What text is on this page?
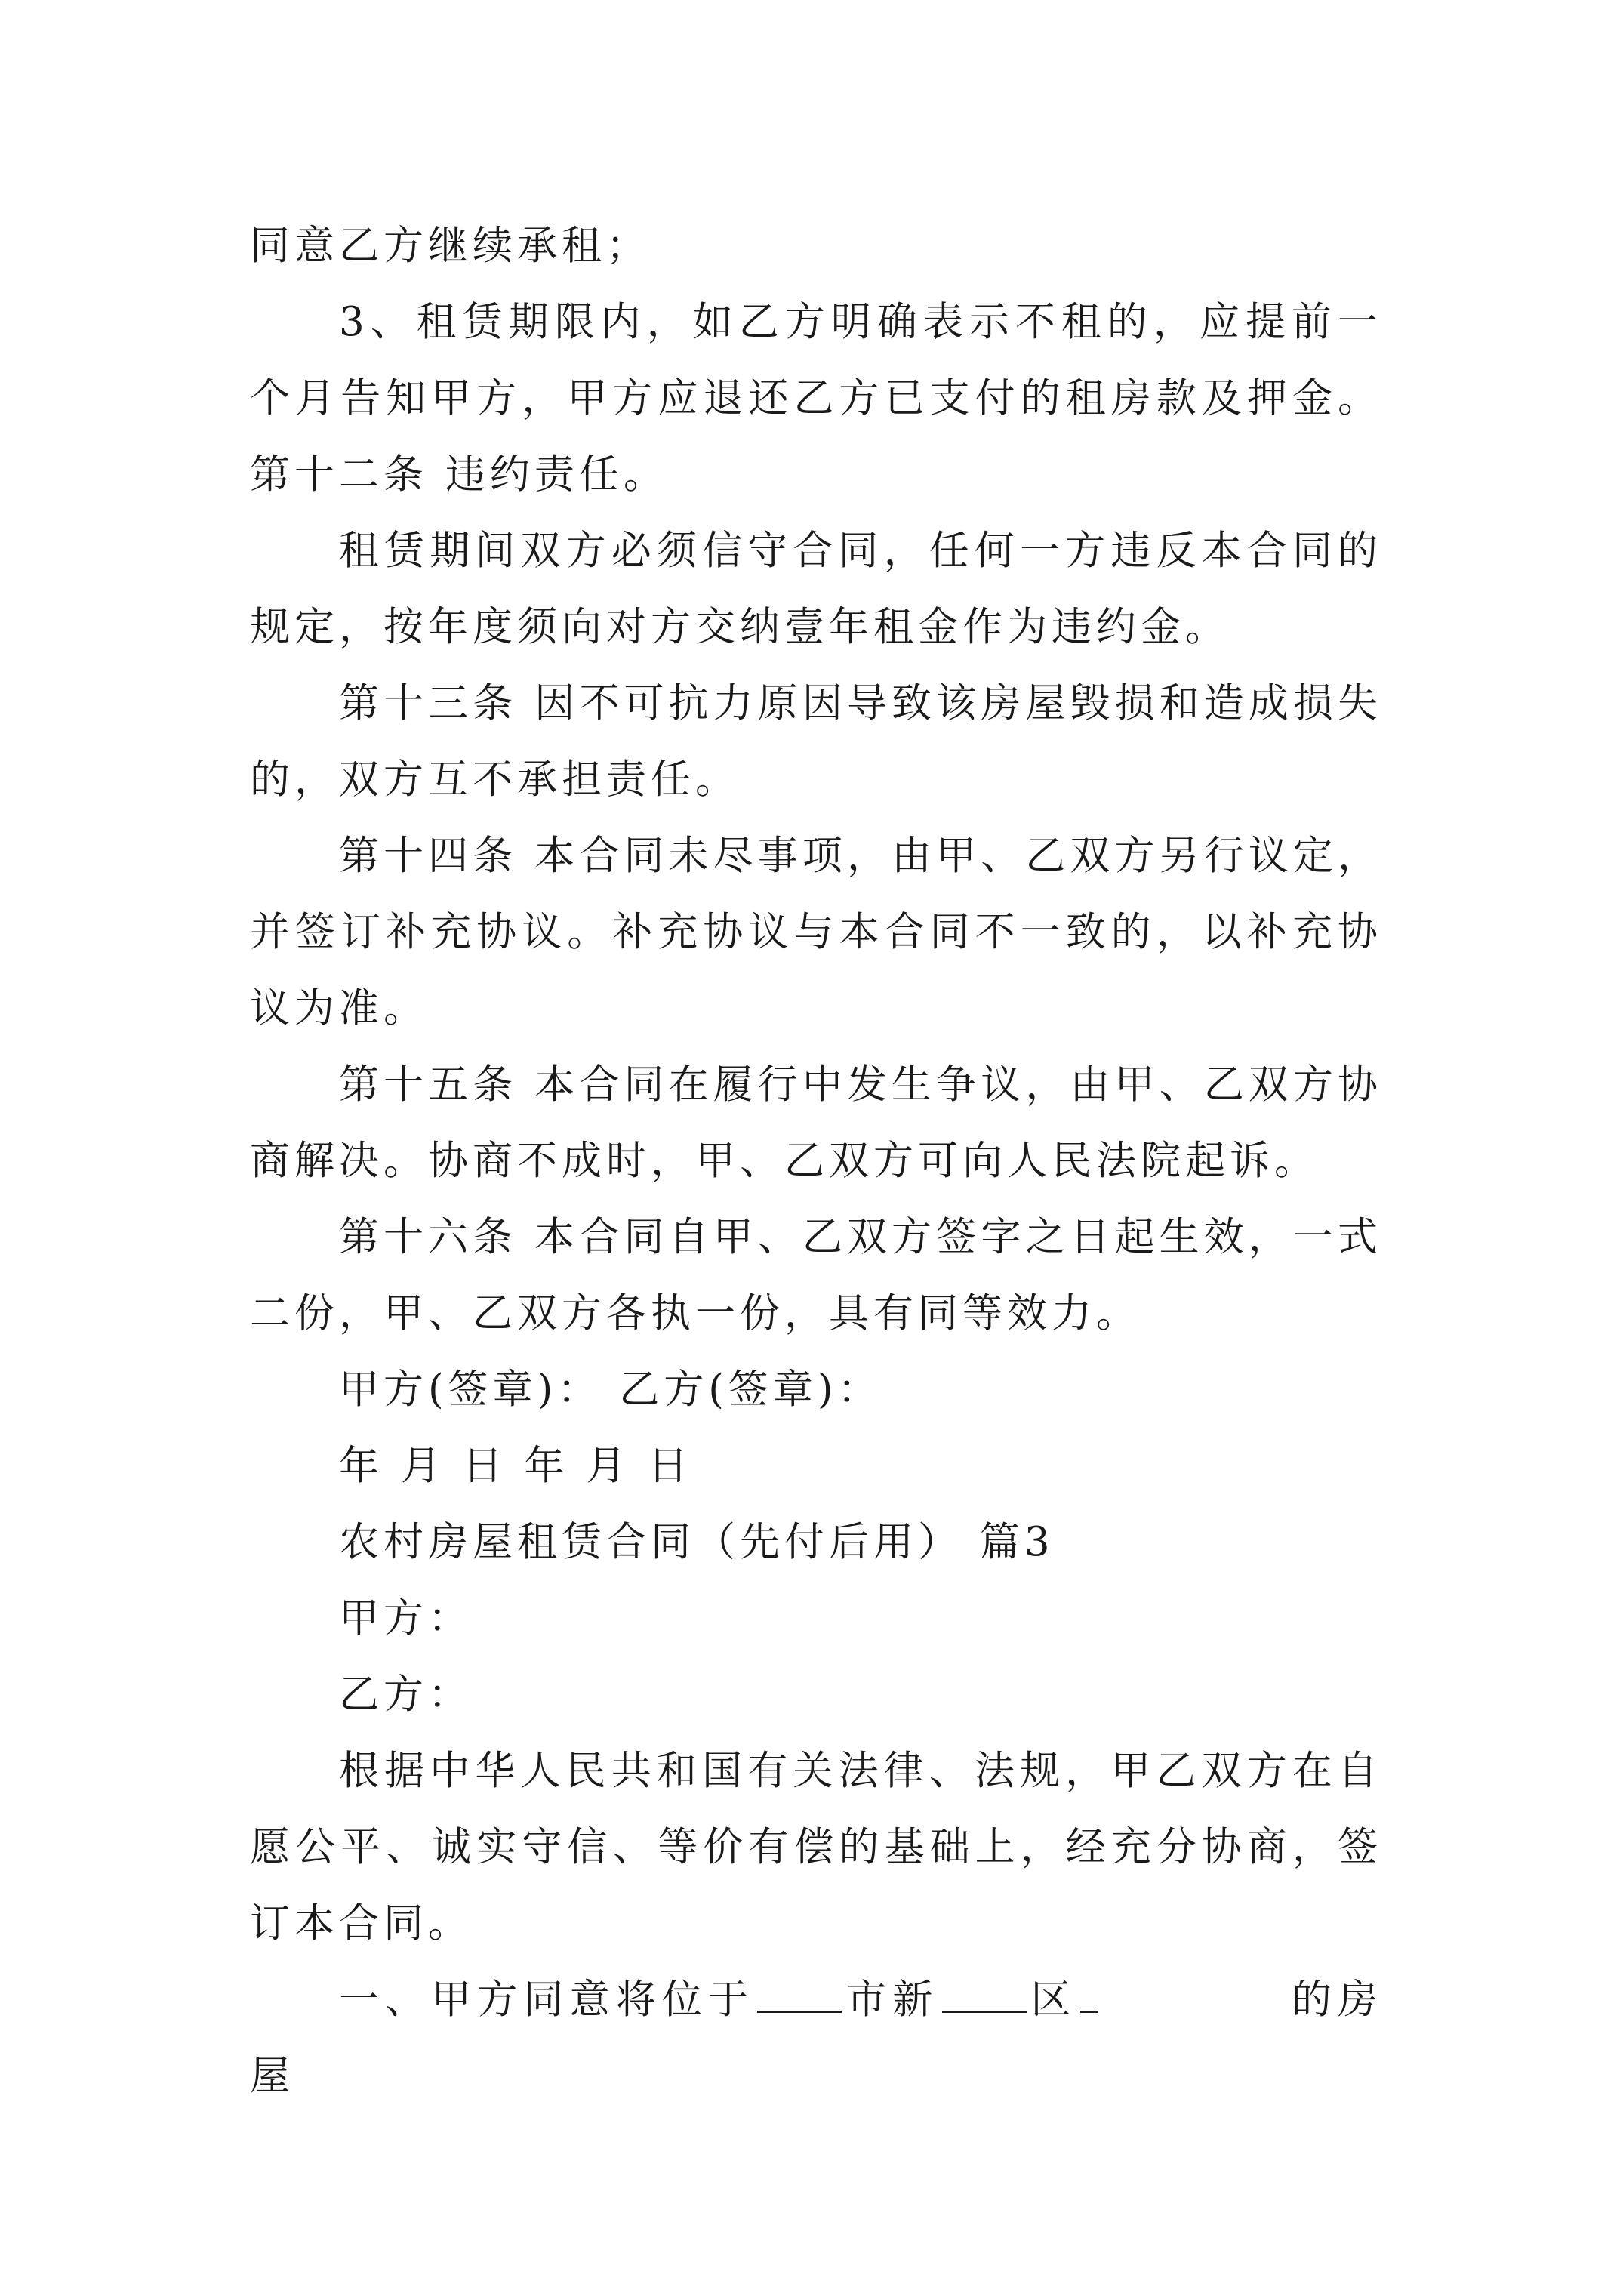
同意乙方继续承租；

3、租赁期限内，如乙方明确表示不租的，应提前一个月告知甲方，甲方应退还乙方已支付的租房款及押金。 第十二条 违约责任。

租赁期间双方必须信守合同，任何一方违反本合同的规定，按年度须向对方交纳壹年租金作为违约金。

第十三条 因不可抗力原因导致该房屋毁损和造成损失的，双方互不承担责任。

第十四条 本合同未尽事项，由甲、乙双方另行议定，并签订补充协议。补充协议与本合同不一致的，以补充协议为准。

第十五条 本合同在履行中发生争议，由甲、乙双方协商解决。协商不成时，甲、乙双方可向人民法院起诉。

第十六条 本合同自甲、乙双方签字之日起生效，一式二份，甲、乙双方各执一份，具有同等效力。

甲方(签章)： 乙方(签章)：

年 月 日 年 月 日

农村房屋租赁合同（先付后用） 篇3

甲方：

乙方：

根据中华人民共和国有关法律、法规，甲乙双方在自愿公平、诚实守信、等价有偿的基础上，经充分协商，签订本合同。

一、甲方同意将位于 市新 区	的房屋
